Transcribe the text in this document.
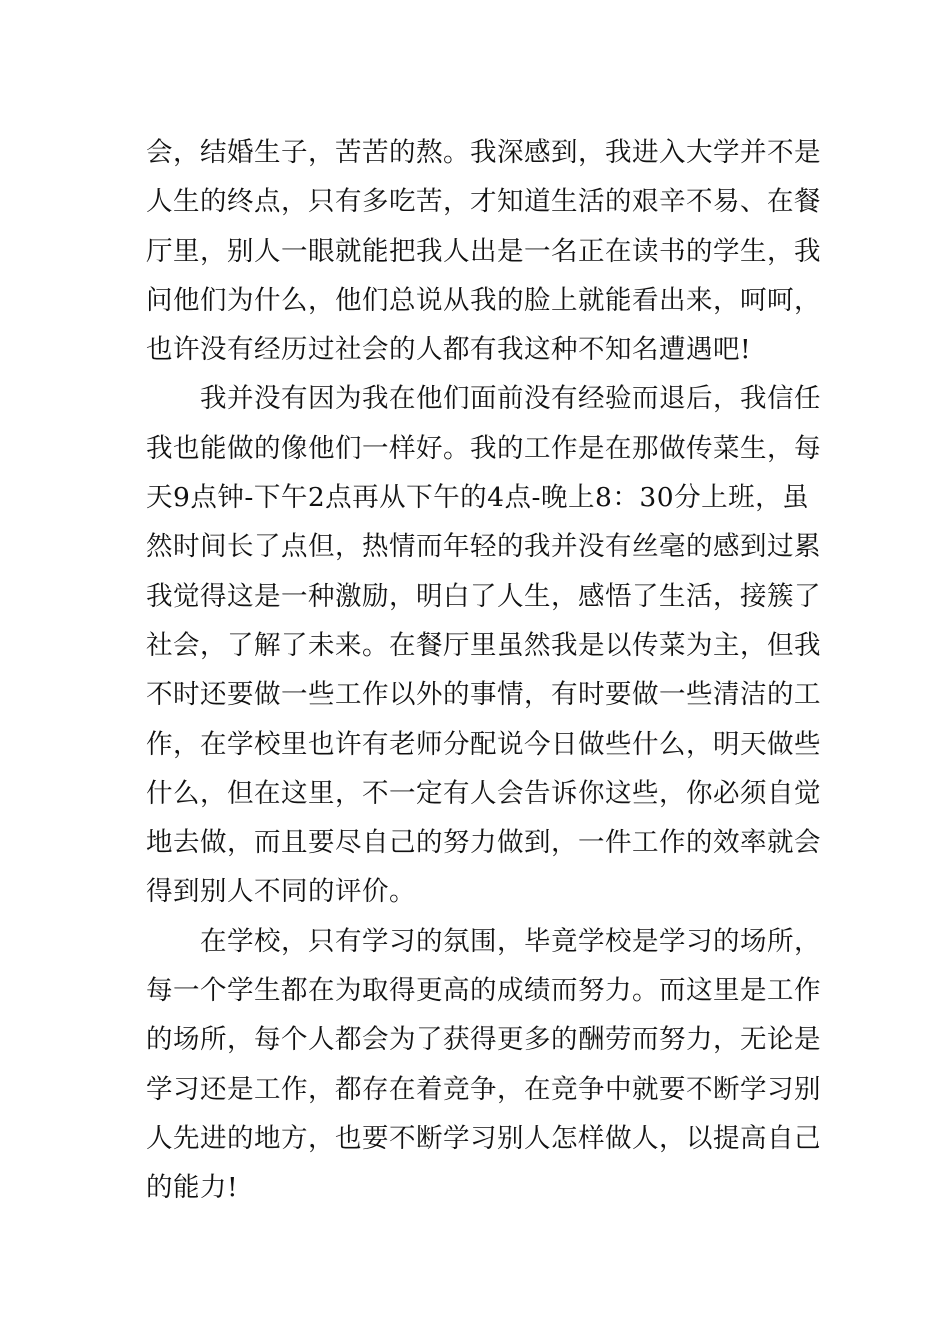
会，结婚生子，苦苦的熬。我深感到，我进入大学并不是
人生的终点，只有多吃苦，才知道生活的艰辛不易、在餐
厅里，别人一眼就能把我人出是一名正在读书的学生，我
问他们为什么，他们总说从我的脸上就能看出来，呵呵，
也许没有经历过社会的人都有我这种不知名遭遇吧!
我并没有因为我在他们面前没有经验而退后，我信任
我也能做的像他们一样好。我的工作是在那做传菜生，每
天9点钟-下午2点再从下午的4点-晚上8：30分上班，虽
然时间长了点但，热情而年轻的我并没有丝毫的感到过累
我觉得这是一种激励，明白了人生，感悟了生活，接簇了
社会，了解了未来。在餐厅里虽然我是以传菜为主，但我
不时还要做一些工作以外的事情，有时要做一些清洁的工
作，在学校里也许有老师分配说今日做些什么，明天做些
什么，但在这里，不一定有人会告诉你这些，你必须自觉
地去做，而且要尽自己的努力做到，一件工作的效率就会
得到别人不同的评价。
在学校，只有学习的氛围，毕竟学校是学习的场所，
每一个学生都在为取得更高的成绩而努力。而这里是工作
的场所，每个人都会为了获得更多的酬劳而努力，无论是
学习还是工作，都存在着竞争，在竞争中就要不断学习别
人先进的地方，也要不断学习别人怎样做人，以提高自己
的能力!
